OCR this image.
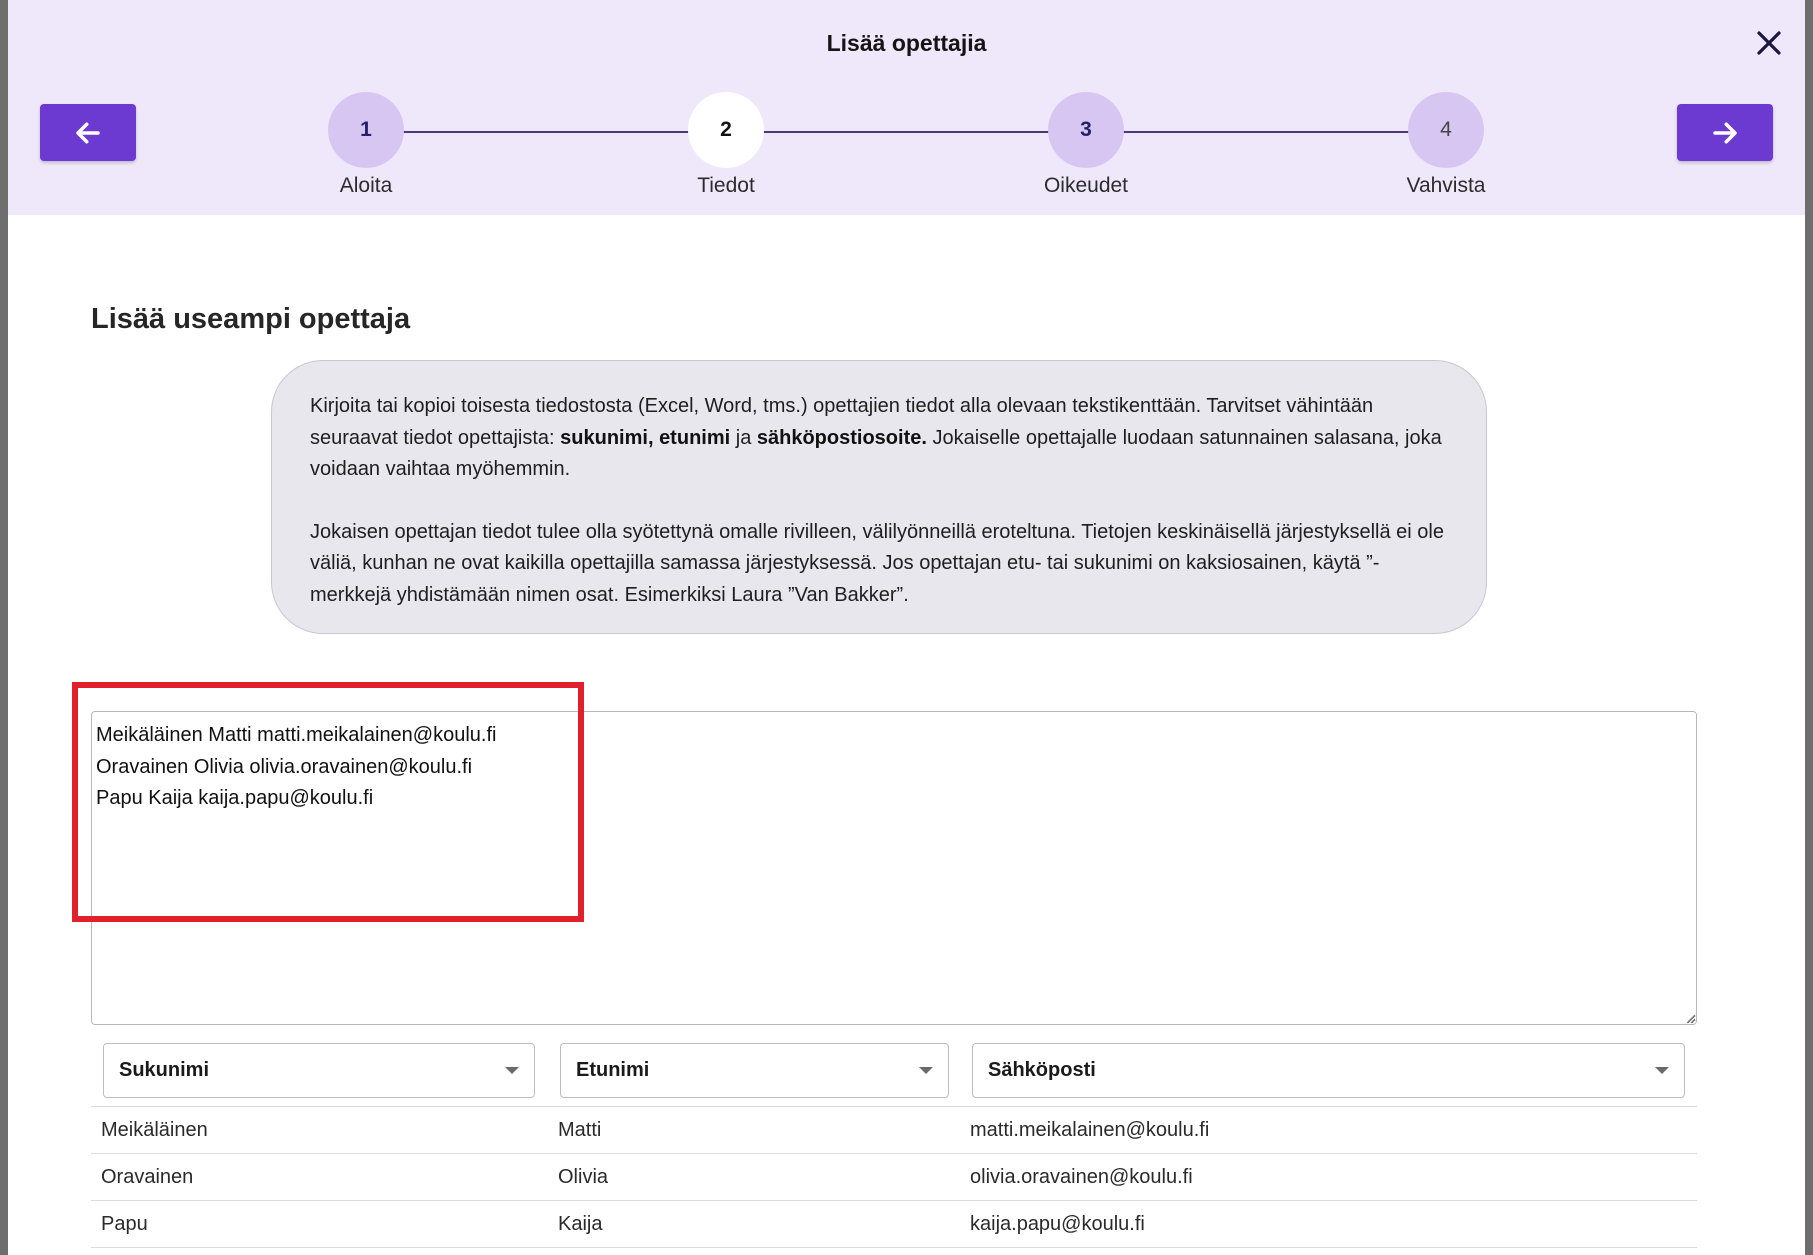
Lisää opettajia
1
Aloita
2
Tiedot
3
Oikeudet
4
Vahvista
Lisää useampi opettaja

Kirjoita tai kopioi toisesta tiedostosta (Excel, Word, tms.) opettajien tiedot alla olevaan tekstikenttään. Tarvitset vähintään seuraavat tiedot opettajista: sukunimi, etunimi ja sähköpostiosoite. Jokaiselle opettajalle luodaan satunnainen salasana, joka voidaan vaihtaa myöhemmin.

Jokaisen opettajan tiedot tulee olla syötettynä omalle rivilleen, välilyönneillä eroteltuna. Tietojen keskinäisellä järjestyksellä ei ole väliä, kunhan ne ovat kaikilla opettajilla samassa järjestyksessä. Jos opettajan etu- tai sukunimi on kaksiosainen, käytä ”-merkkejä yhdistämään nimen osat. Esimerkiksi Laura ”Van Bakker”.

Meikäläinen Matti matti.meikalainen@koulu.fi Oravainen Olivia olivia.oravainen@koulu.fi Papu Kaija kaija.papu@koulu.fi
Sukunimi	Etunimi	Sähköposti
Meikäläinen	Matti	matti.meikalainen@koulu.fi
Oravainen	Olivia	olivia.oravainen@koulu.fi
Papu	Kaija	kaija.papu@koulu.fi
